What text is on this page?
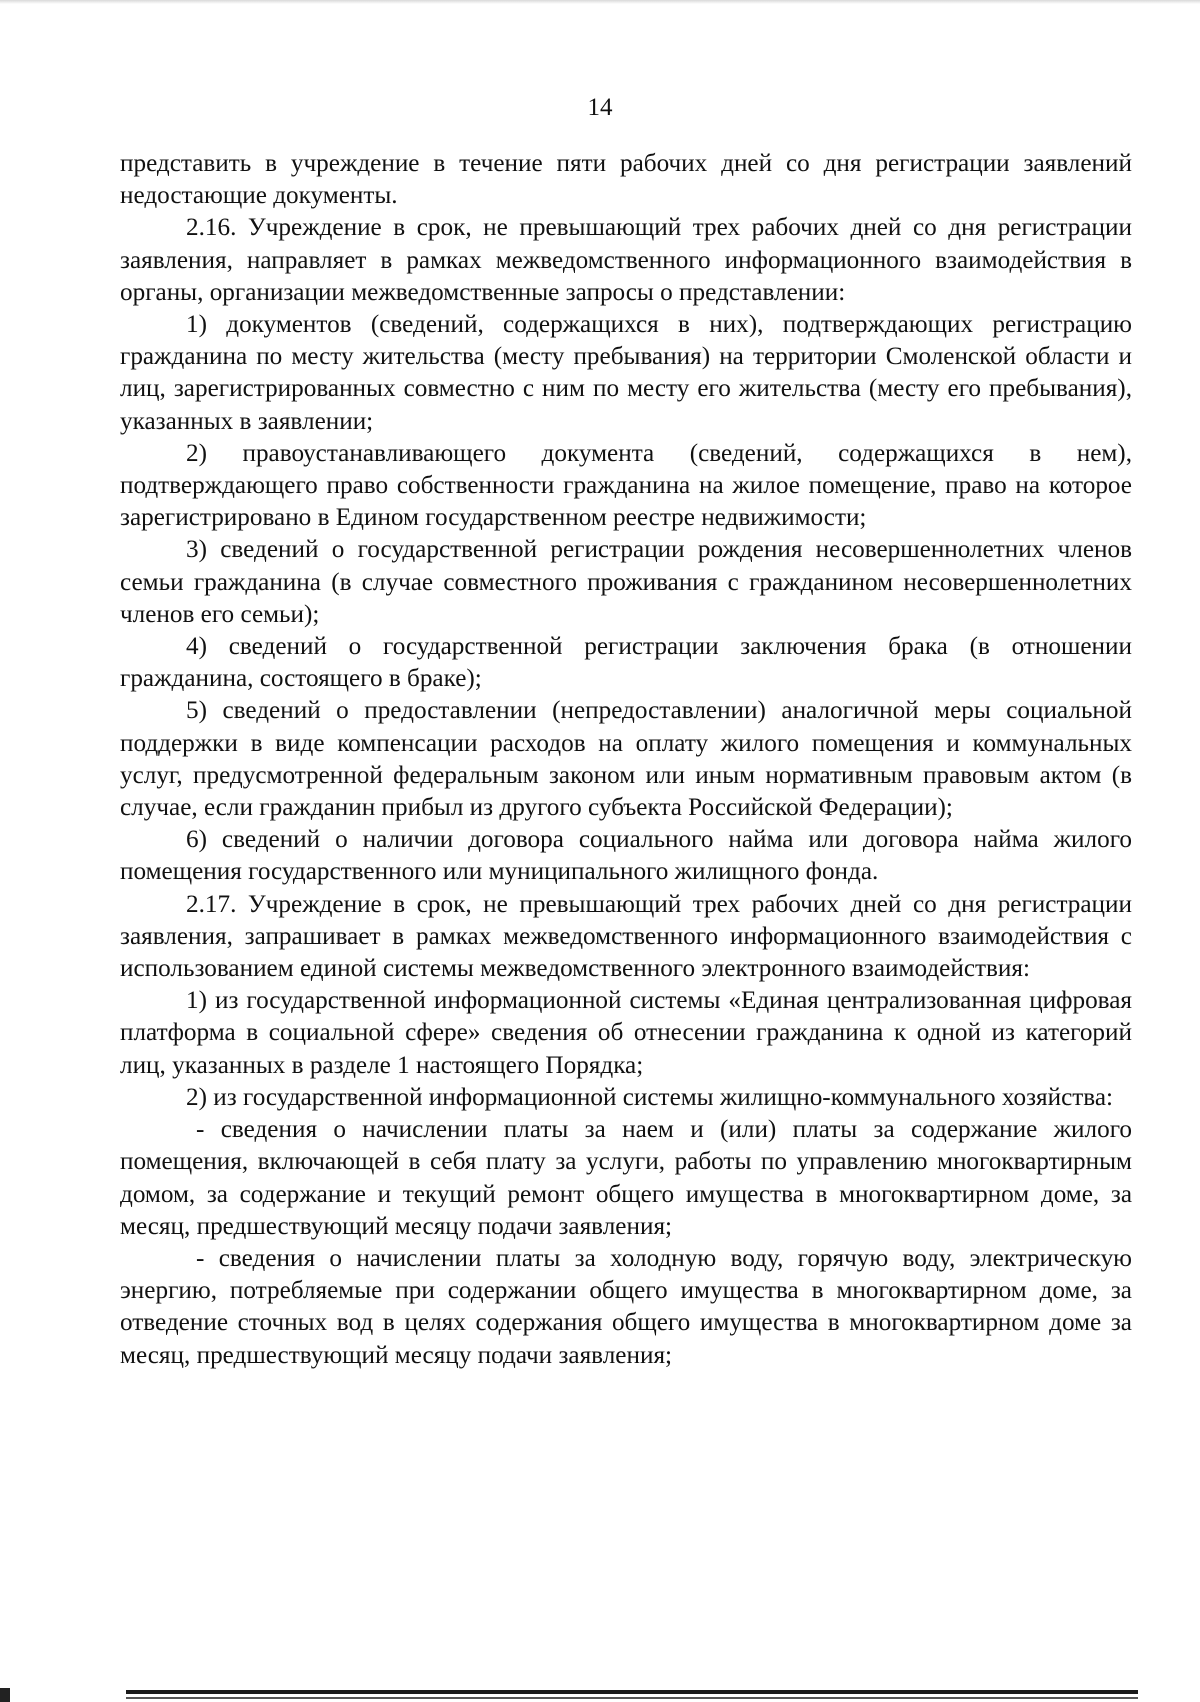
14

представить в учреждение в течение пяти рабочих дней со дня регистрации заявлений недостающие документы.

2.16. Учреждение в срок, не превышающий трех рабочих дней со дня регистрации заявления, направляет в рамках межведомственного информационного взаимодействия в органы, организации межведомственные запросы о представлении:

1) документов (сведений, содержащихся в них), подтверждающих регистрацию гражданина по месту жительства (месту пребывания) на территории Смоленской области и лиц, зарегистрированных совместно с ним по месту его жительства (месту его пребывания), указанных в заявлении;

2) правоустанавливающего документа (сведений, содержащихся в нем), подтверждающего право собственности гражданина на жилое помещение, право на которое зарегистрировано в Едином государственном реестре недвижимости;

3) сведений о государственной регистрации рождения несовершеннолетних членов семьи гражданина (в случае совместного проживания с гражданином несовершеннолетних членов его семьи);

4) сведений о государственной регистрации заключения брака (в отношении гражданина, состоящего в браке);

5) сведений о предоставлении (непредоставлении) аналогичной меры социальной поддержки в виде компенсации расходов на оплату жилого помещения и коммунальных услуг, предусмотренной федеральным законом или иным нормативным правовым актом (в случае, если гражданин прибыл из другого субъекта Российской Федерации);

6) сведений о наличии договора социального найма или договора найма жилого помещения государственного или муниципального жилищного фонда.

2.17. Учреждение в срок, не превышающий трех рабочих дней со дня регистрации заявления, запрашивает в рамках межведомственного информационного взаимодействия с использованием единой системы межведомственного электронного взаимодействия:

1) из государственной информационной системы «Единая централизованная цифровая платформа в социальной сфере» сведения об отнесении гражданина к одной из категорий лиц, указанных в разделе 1 настоящего Порядка;

2) из государственной информационной системы жилищно-коммунального хозяйства:

- сведения о начислении платы за наем и (или) платы за содержание жилого помещения, включающей в себя плату за услуги, работы по управлению многоквартирным домом, за содержание и текущий ремонт общего имущества в многоквартирном доме, за месяц, предшествующий месяцу подачи заявления;

- сведения о начислении платы за холодную воду, горячую воду, электрическую энергию, потребляемые при содержании общего имущества в многоквартирном доме, за отведение сточных вод в целях содержания общего имущества в многоквартирном доме за месяц, предшествующий месяцу подачи заявления;
